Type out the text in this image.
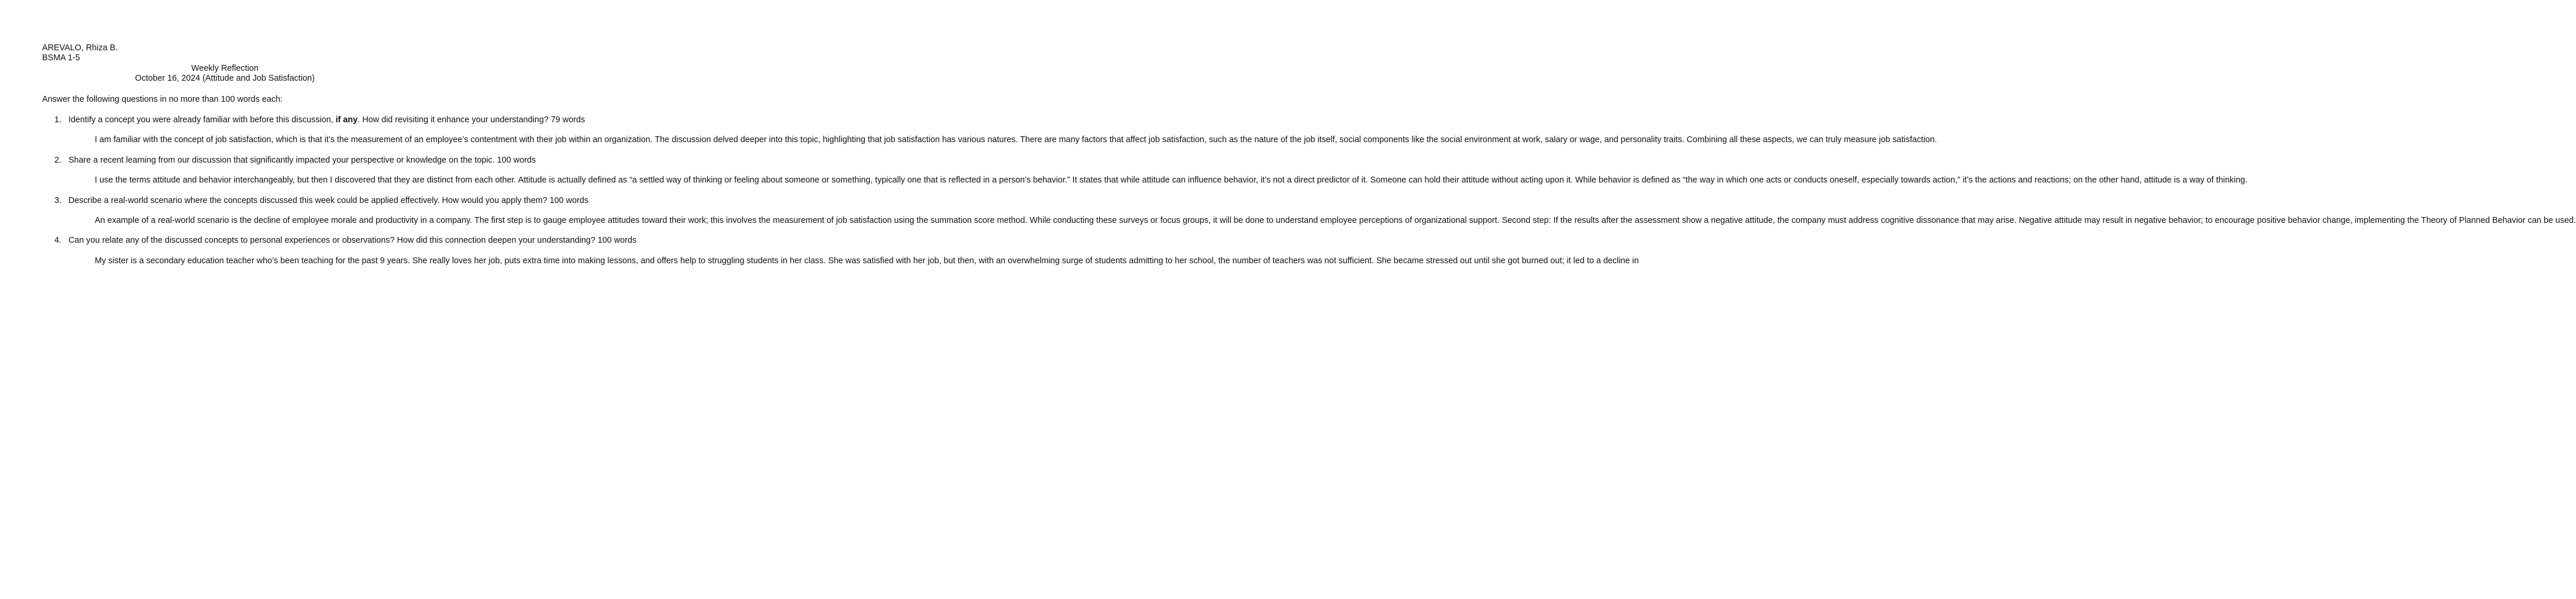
AREVALO, Rhiza B.
BSMA 1-5
Weekly Reflection
October 16, 2024 (Attitude and Job Satisfaction)
Answer the following questions in no more than 100 words each:
1. Identify a concept you were already familiar with before this discussion, if any. How did revisiting it enhance your understanding? 79 words
I am familiar with the concept of job satisfaction, which is that it’s the measurement of an employee’s contentment with their job within an organization. The discussion delved deeper into this topic, highlighting that job satisfaction has various natures. There are many factors that affect job satisfaction, such as the nature of the job itself, social components like the social environment at work, salary or wage, and personality traits. Combining all these aspects, we can truly measure job satisfaction.
2. Share a recent learning from our discussion that significantly impacted your perspective or knowledge on the topic. 100 words
I use the terms attitude and behavior interchangeably, but then I discovered that they are distinct from each other. Attitude is actually defined as “a settled way of thinking or feeling about someone or something, typically one that is reflected in a person’s behavior.” It states that while attitude can influence behavior, it’s not a direct predictor of it. Someone can hold their attitude without acting upon it. While behavior is defined as “the way in which one acts or conducts oneself, especially towards action,” it’s the actions and reactions; on the other hand, attitude is a way of thinking.
3. Describe a real-world scenario where the concepts discussed this week could be applied effectively. How would you apply them? 100 words
An example of a real-world scenario is the decline of employee morale and productivity in a company. The first step is to gauge employee attitudes toward their work; this involves the measurement of job satisfaction using the summation score method. While conducting these surveys or focus groups, it will be done to understand employee perceptions of organizational support. Second step: If the results after the assessment show a negative attitude, the company must address cognitive dissonance that may arise. Negative attitude may result in negative behavior; to encourage positive behavior change, implementing the Theory of Planned Behavior can be used.
4. Can you relate any of the discussed concepts to personal experiences or observations? How did this connection deepen your understanding? 100 words
My sister is a secondary education teacher who’s been teaching for the past 9 years. She really loves her job, puts extra time into making lessons, and offers help to struggling students in her class. She was satisfied with her job, but then, with an overwhelming surge of students admitting to her school, the number of teachers was not sufficient. She became stressed out until she got burned out; it led to a decline in
